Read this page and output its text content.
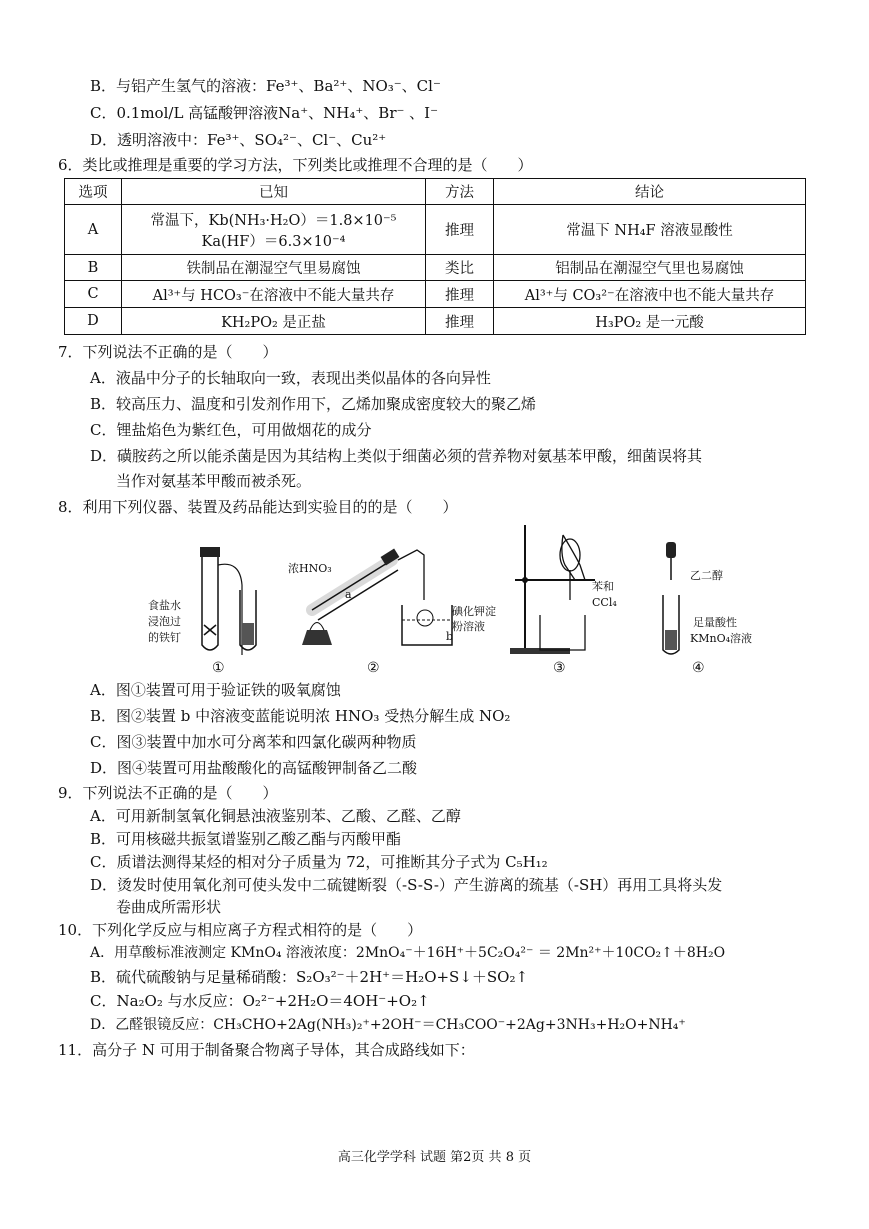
B．与铝产生氢气的溶液：Fe³⁺、Ba²⁺、NO₃⁻、Cl⁻
C．0.1mol/L 高锰酸钾溶液Na⁺、NH₄⁺、Br⁻ 、I⁻
D．透明溶液中：Fe³⁺、SO₄²⁻、Cl⁻、Cu²⁺
6．类比或推理是重要的学习方法，下列类比或推理不合理的是（　　）
选项	已知	方法	结论
A	常温下，Kb(NH₃·H₂O）＝1.8×10⁻⁵
Ka(HF）＝6.3×10⁻⁴	推理	常温下 NH₄F 溶液显酸性
B	铁制品在潮湿空气里易腐蚀	类比	铝制品在潮湿空气里也易腐蚀
C	Al³⁺与 HCO₃⁻在溶液中不能大量共存	推理	Al³⁺与 CO₃²⁻在溶液中也不能大量共存
D	KH₂PO₂ 是正盐	推理	H₃PO₂ 是一元酸
7．下列说法不正确的是（　　）
A．液晶中分子的长轴取向一致，表现出类似晶体的各向异性
B．较高压力、温度和引发剂作用下，乙烯加聚成密度较大的聚乙烯
C．锂盐焰色为紫红色，可用做烟花的成分
D．磺胺药之所以能杀菌是因为其结构上类似于细菌必须的营养物对氨基苯甲酸，细菌误将其
当作对氨基苯甲酸而被杀死。
8．利用下列仪器、装置及药品能达到实验目的的是（　　）
食盐水
浸泡过
的铁钉
浓HNO₃
a
碘化钾淀
粉溶液
b
苯和
CCl₄
乙二醇
足量酸性
KMnO₄溶液
①	②	③	④
A．图①装置可用于验证铁的吸氧腐蚀
B．图②装置 b 中溶液变蓝能说明浓 HNO₃ 受热分解生成 NO₂
C．图③装置中加水可分离苯和四氯化碳两种物质
D．图④装置可用盐酸酸化的高锰酸钾制备乙二酸
9．下列说法不正确的是（　　）
A．可用新制氢氧化铜悬浊液鉴别苯、乙酸、乙醛、乙醇
B．可用核磁共振氢谱鉴别乙酸乙酯与丙酸甲酯
C．质谱法测得某烃的相对分子质量为 72，可推断其分子式为 C₅H₁₂
D．烫发时使用氧化剂可使头发中二硫键断裂（-S-S-）产生游离的巯基（-SH）再用工具将头发
卷曲成所需形状
10．下列化学反应与相应离子方程式相符的是（　　）
A．用草酸标准液测定 KMnO₄ 溶液浓度：2MnO₄⁻＋16H⁺＋5C₂O₄²⁻ ＝ 2Mn²⁺＋10CO₂↑＋8H₂O
B．硫代硫酸钠与足量稀硝酸：S₂O₃²⁻＋2H⁺＝H₂O+S↓＋SO₂↑
C．Na₂O₂ 与水反应：O₂²⁻+2H₂O＝4OH⁻+O₂↑
D．乙醛银镜反应：CH₃CHO+2Ag(NH₃)₂⁺+2OH⁻＝CH₃COO⁻+2Ag+3NH₃+H₂O+NH₄⁺
11．高分子 N 可用于制备聚合物离子导体，其合成路线如下：
高三化学学科 试题 第2页 共 8 页
